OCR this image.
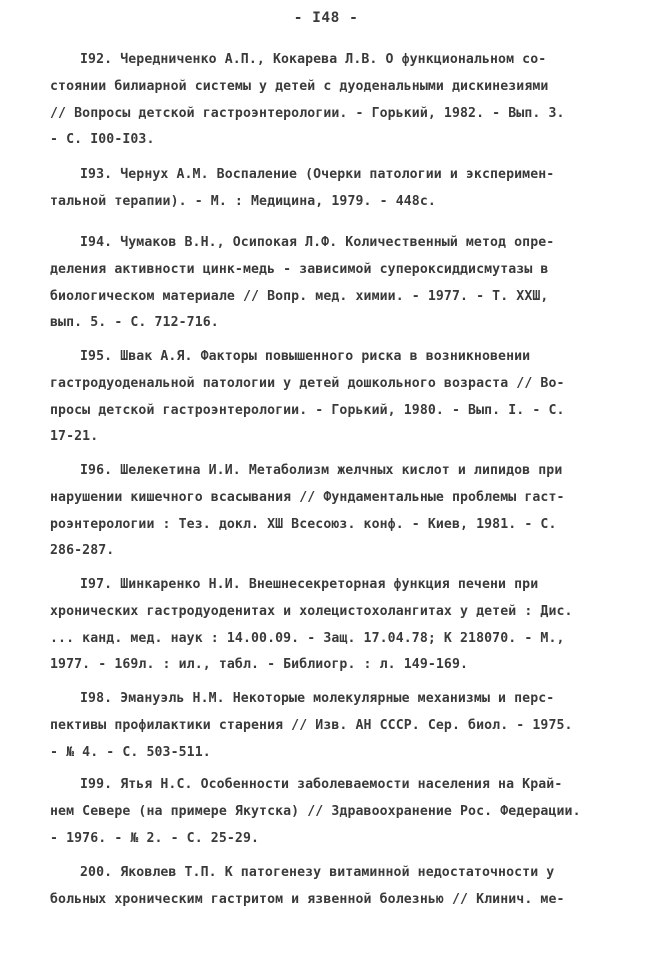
- I48 -

I92. Чередниченко А.П., Кокарева Л.В. О функциональном со-
стоянии билиарной системы у детей с дуоденальными дискинезиями
// Вопросы детской гастроэнтерологии. - Горький, 1982. - Вып. 3.
- С. I00-I03.

I93. Чернух А.М. Воспаление (Очерки патологии и эксперимен-
тальной терапии). - М. : Медицина, 1979. - 448с.

I94. Чумаков В.Н., Осипокая Л.Ф. Количественный метод опре-
деления активности цинк-медь - зависимой супероксиддисмутазы в
биологическом материале // Вопр. мед. химии. - 1977. - Т. XXШ,
вып. 5. - С. 712-716.

I95. Швак А.Я. Факторы повышенного риска в возникновении
гастродуоденальной патологии у детей дошкольного возраста // Во-
просы детской гастроэнтерологии. - Горький, 1980. - Вып. I. - С.
17-21.

I96. Шелекетина И.И. Метаболизм желчных кислот и липидов при
нарушении кишечного всасывания // Фундаментальные проблемы гаст-
роэнтерологии : Тез. докл. ХШ Всесоюз. конф. - Киев, 1981. - С.
286-287.

I97. Шинкаренко Н.И. Внешнесекреторная функция печени при
хронических гастродуоденитах и холецистохолангитах у детей : Дис.
... канд. мед. наук : 14.00.09. - Защ. 17.04.78; К 218070. - М.,
1977. - 169л. : ил., табл. - Библиогр. : л. 149-169.

I98. Эмануэль Н.М. Некоторые молекулярные механизмы и перс-
пективы профилактики старения // Изв. АН СССР. Сер. биол. - 1975.
- № 4. - С. 503-511.

I99. Ятья Н.С. Особенности заболеваемости населения на Край-
нем Севере (на примере Якутска) // Здравоохранение Рос. Федерации.
- 1976. - № 2. - С. 25-29.

200. Яковлев Т.П. К патогенезу витаминной недостаточности у
больных хроническим гастритом и язвенной болезнью // Клинич. ме-
